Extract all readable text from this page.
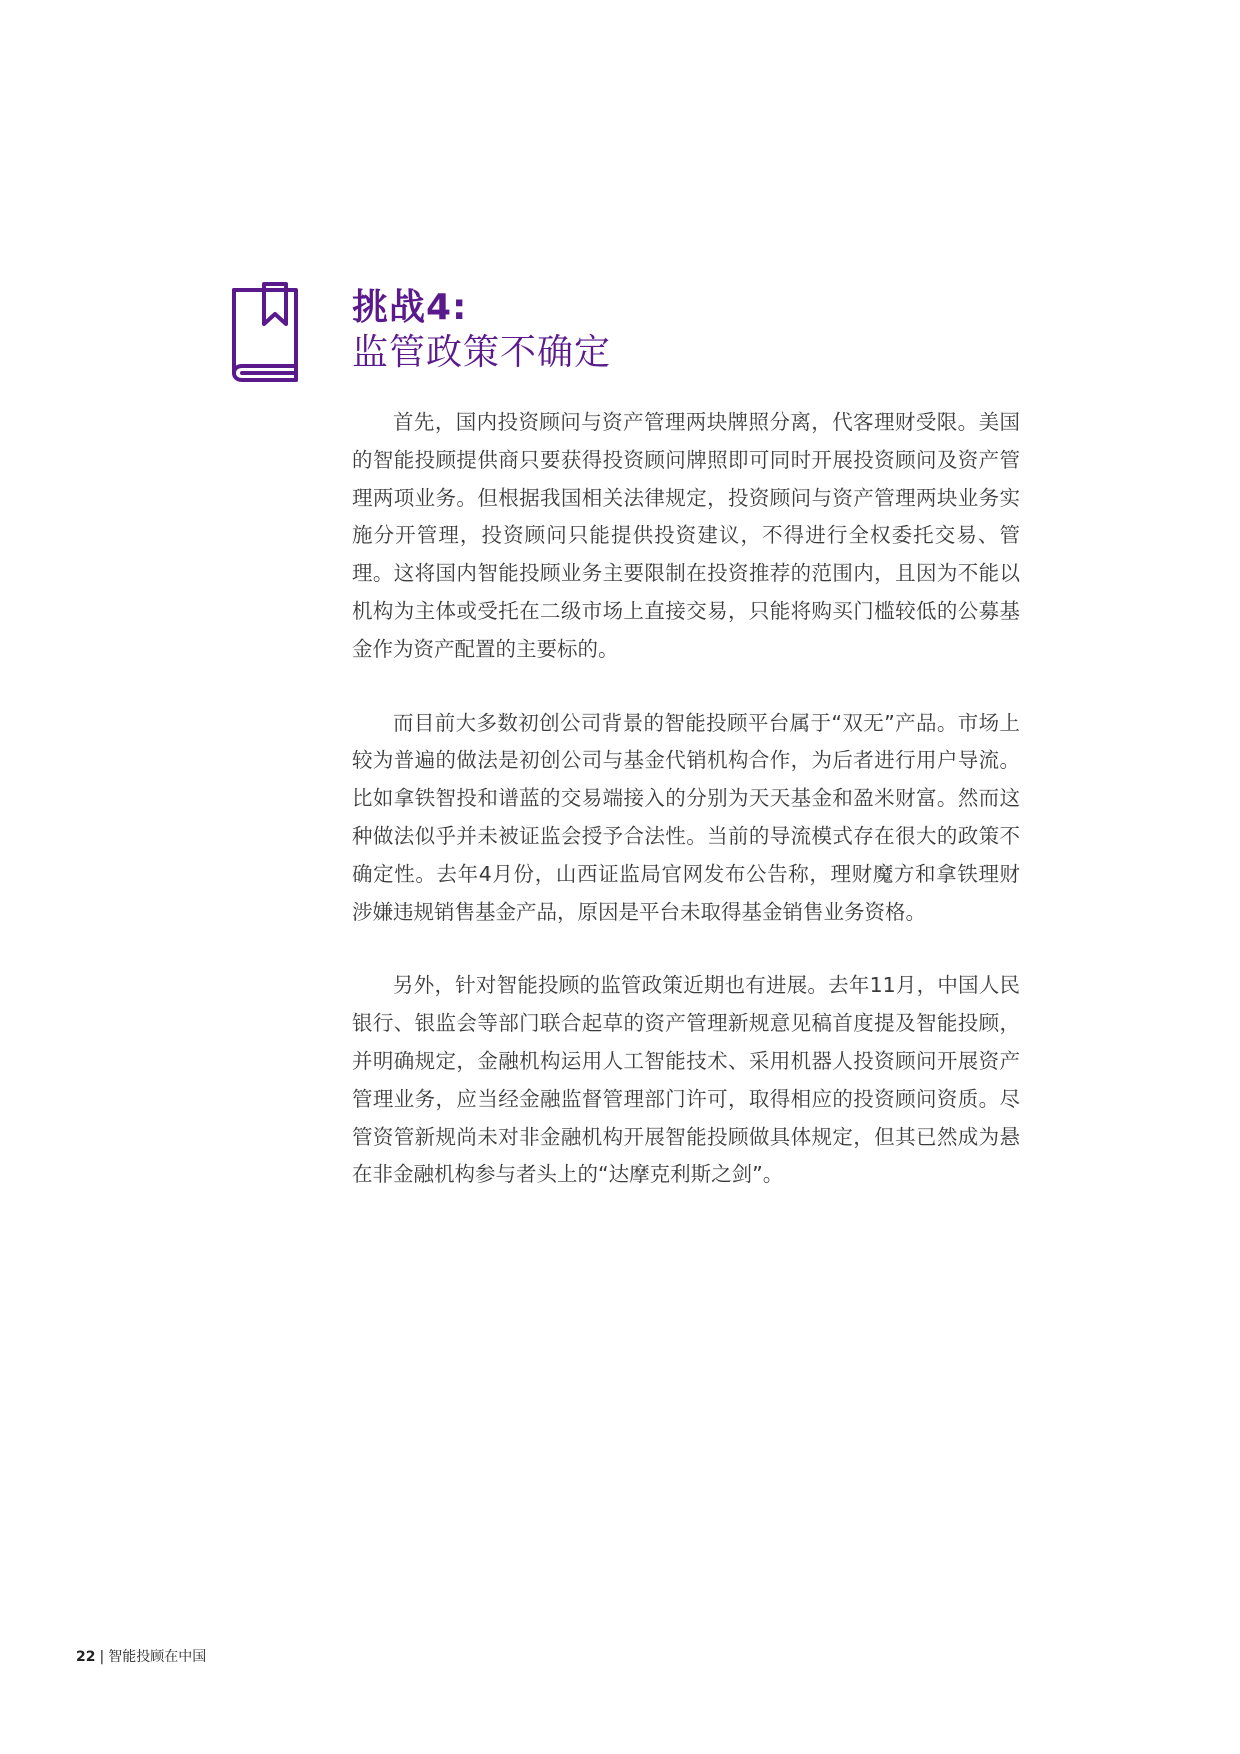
挑战4:
监管政策不确定

首先，国内投资顾问与资产管理两块牌照分离，代客理财受限。美国的智能投顾提供商只要获得投资顾问牌照即可同时开展投资顾问及资产管理两项业务。但根据我国相关法律规定，投资顾问与资产管理两块业务实施分开管理，投资顾问只能提供投资建议，不得进行全权委托交易、管理。这将国内智能投顾业务主要限制在投资推荐的范围内，且因为不能以机构为主体或受托在二级市场上直接交易，只能将购买门槛较低的公募基金作为资产配置的主要标的。

而目前大多数初创公司背景的智能投顾平台属于“双无”产品。市场上较为普遍的做法是初创公司与基金代销机构合作，为后者进行用户导流。比如拿铁智投和谱蓝的交易端接入的分别为天天基金和盈米财富。然而这种做法似乎并未被证监会授予合法性。当前的导流模式存在很大的政策不确定性。去年4月份，山西证监局官网发布公告称，理财魔方和拿铁理财涉嫌违规销售基金产品，原因是平台未取得基金销售业务资格。

另外，针对智能投顾的监管政策近期也有进展。去年11月，中国人民银行、银监会等部门联合起草的资产管理新规意见稿首度提及智能投顾，并明确规定，金融机构运用人工智能技术、采用机器人投资顾问开展资产管理业务，应当经金融监督管理部门许可，取得相应的投资顾问资质。尽管资管新规尚未对非金融机构开展智能投顾做具体规定，但其已然成为悬在非金融机构参与者头上的“达摩克利斯之剑”。

22 | 智能投顾在中国
